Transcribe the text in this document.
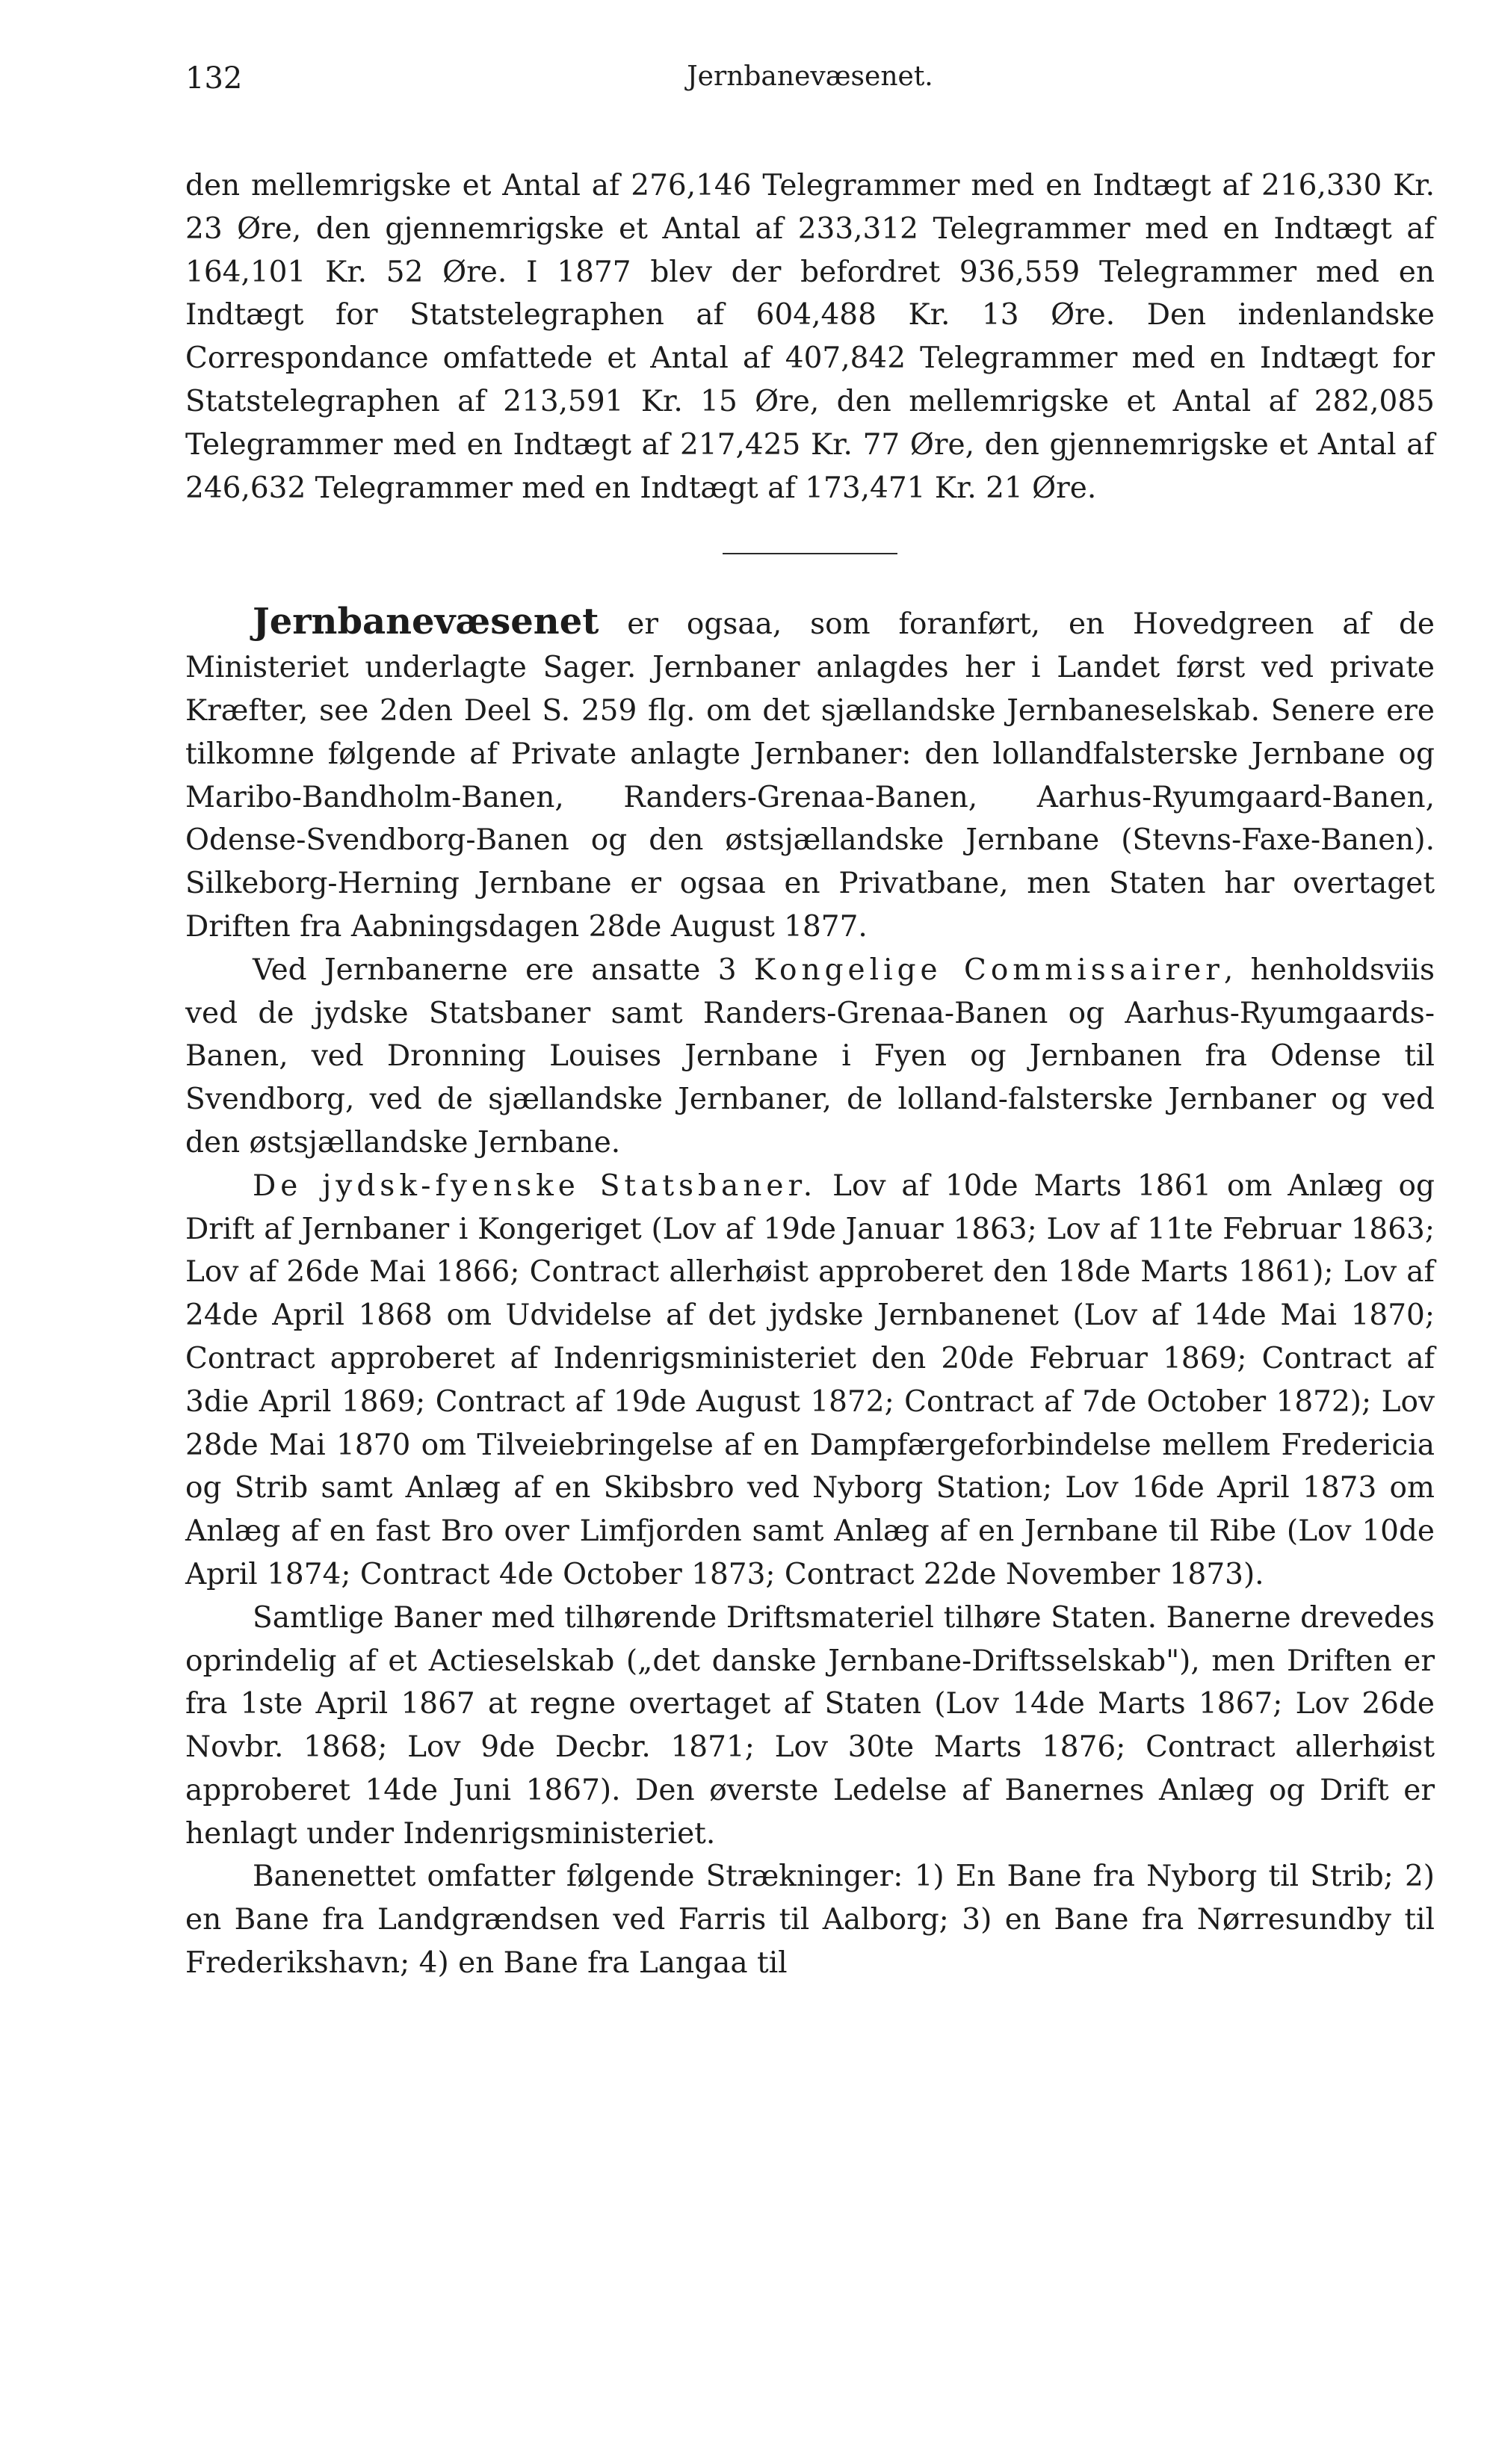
132	Jernbanevæsenet.

den mellemrigske et Antal af 276,146 Telegrammer med en Indtægt af 216,330 Kr. 23 Øre, den gjennemrigske et Antal af 233,312 Telegrammer med en Indtægt af 164,101 Kr. 52 Øre. I 1877 blev der befordret 936,559 Telegrammer med en Indtægt for Statstelegraphen af 604,488 Kr. 13 Øre. Den indenlandske Correspondance omfattede et Antal af 407,842 Telegrammer med en Indtægt for Statstelegraphen af 213,591 Kr. 15 Øre, den mellemrigske et Antal af 282,085 Telegrammer med en Indtægt af 217,425 Kr. 77 Øre, den gjennemrigske et Antal af 246,632 Telegrammer med en Indtægt af 173,471 Kr. 21 Øre.

Jernbanevæsenet er ogsaa, som foranført, en Hovedgreen af de Ministeriet underlagte Sager. Jernbaner anlagdes her i Landet først ved private Kræfter, see 2den Deel S. 259 flg. om det sjællandske Jernbaneselskab. Senere ere tilkomne følgende af Private anlagte Jernbaner: den lollandfalsterske Jernbane og Maribo-Bandholm-Banen, Randers-Grenaa-Banen, Aarhus-Ryumgaard-Banen, Odense-Svendborg-Banen og den østsjællandske Jernbane (Stevns-Faxe-Banen). Silkeborg-Herning Jernbane er ogsaa en Privatbane, men Staten har overtaget Driften fra Aabningsdagen 28de August 1877.

Ved Jernbanerne ere ansatte 3 Kongelige Commissairer, henholdsviis ved de jydske Statsbaner samt Randers-Grenaa-Banen og Aarhus-Ryumgaards-Banen, ved Dronning Louises Jernbane i Fyen og Jernbanen fra Odense til Svendborg, ved de sjællandske Jernbaner, de lolland-falsterske Jernbaner og ved den østsjællandske Jernbane.

De jydsk-fyenske Statsbaner. Lov af 10de Marts 1861 om Anlæg og Drift af Jernbaner i Kongeriget (Lov af 19de Januar 1863; Lov af 11te Februar 1863; Lov af 26de Mai 1866; Contract allerhøist approberet den 18de Marts 1861); Lov af 24de April 1868 om Udvidelse af det jydske Jernbanenet (Lov af 14de Mai 1870; Contract approberet af Indenrigsministeriet den 20de Februar 1869; Contract af 3die April 1869; Contract af 19de August 1872; Contract af 7de October 1872); Lov 28de Mai 1870 om Tilveiebringelse af en Dampfærgeforbindelse mellem Fredericia og Strib samt Anlæg af en Skibsbro ved Nyborg Station; Lov 16de April 1873 om Anlæg af en fast Bro over Limfjorden samt Anlæg af en Jernbane til Ribe (Lov 10de April 1874; Contract 4de October 1873; Contract 22de November 1873).

Samtlige Baner med tilhørende Driftsmateriel tilhøre Staten. Banerne drevedes oprindelig af et Actieselskab („det danske Jernbane-Driftsselskab"), men Driften er fra 1ste April 1867 at regne overtaget af Staten (Lov 14de Marts 1867; Lov 26de Novbr. 1868; Lov 9de Decbr. 1871; Lov 30te Marts 1876; Contract allerhøist approberet 14de Juni 1867). Den øverste Ledelse af Banernes Anlæg og Drift er henlagt under Indenrigsministeriet.

Banenettet omfatter følgende Strækninger: 1) En Bane fra Nyborg til Strib; 2) en Bane fra Landgrændsen ved Farris til Aalborg; 3) en Bane fra Nørresundby til Frederikshavn; 4) en Bane fra Langaa til
